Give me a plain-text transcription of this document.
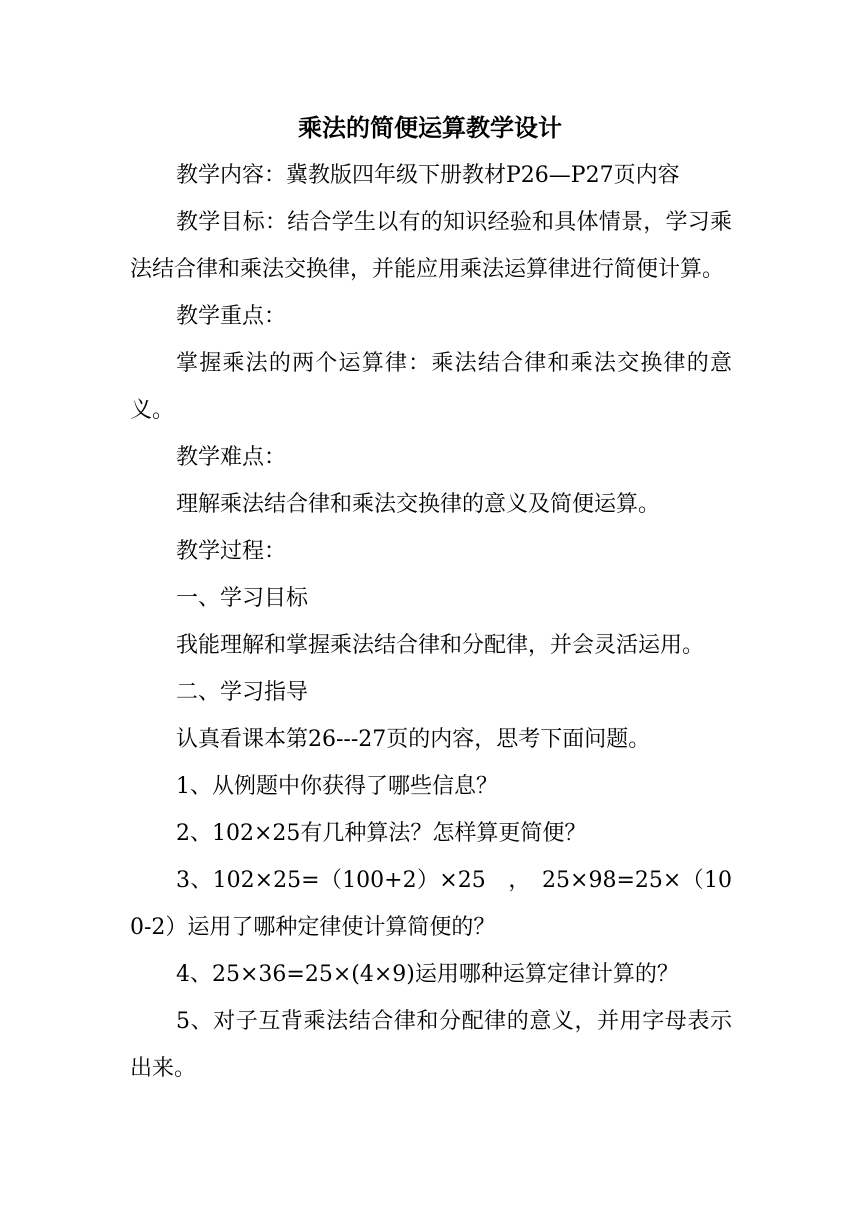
乘法的简便运算教学设计

教学内容：冀教版四年级下册教材P26—P27页内容

教学目标：结合学生以有的知识经验和具体情景，学习乘法结合律和乘法交换律，并能应用乘法运算律进行简便计算。

教学重点：

掌握乘法的两个运算律：乘法结合律和乘法交换律的意义。

教学难点：

理解乘法结合律和乘法交换律的意义及简便运算。

教学过程：

一、学习目标

我能理解和掌握乘法结合律和分配律，并会灵活运用。

二、学习指导

认真看课本第26---27页的内容，思考下面问题。

1、从例题中你获得了哪些信息？

2、102×25有几种算法？怎样算更简便？

3、102×25=（100+2）×25　，　25×98=25×（100-2）运用了哪种定律使计算简便的？

4、25×36=25×(4×9)运用哪种运算定律计算的？

5、对子互背乘法结合律和分配律的意义，并用字母表示出来。
